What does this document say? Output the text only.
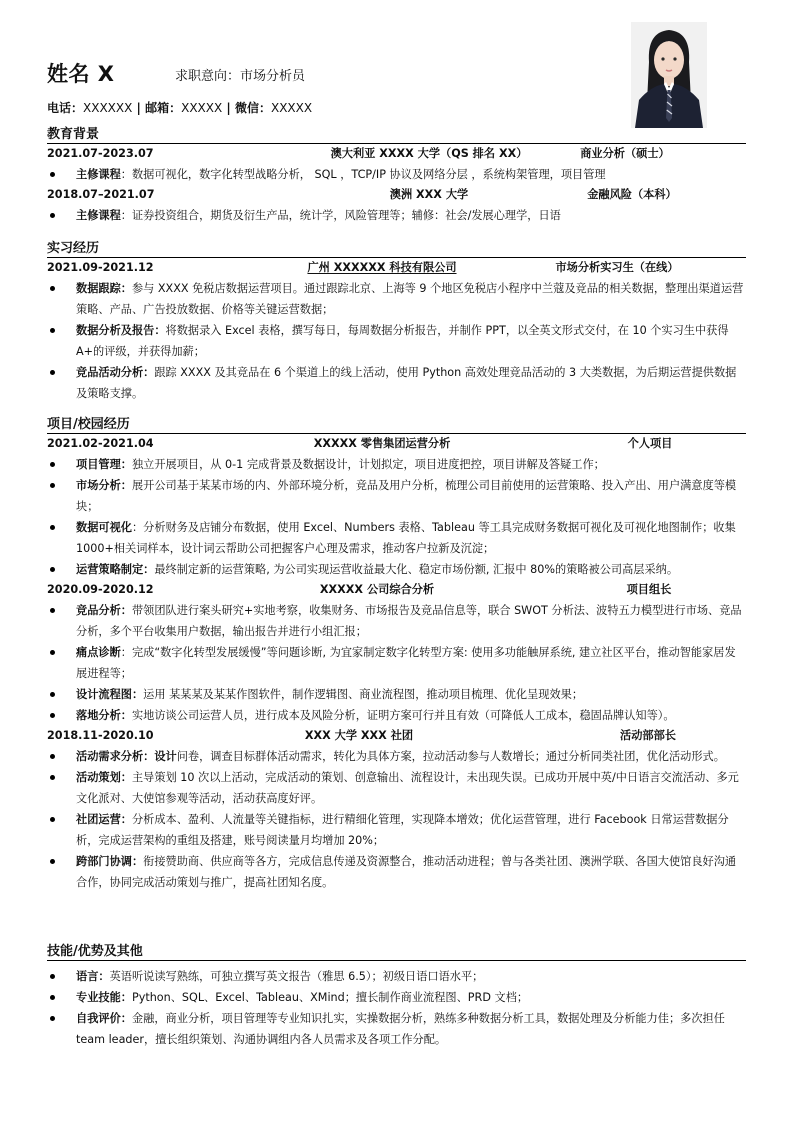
姓名 X	求职意向：市场分析员
电话：XXXXXX | 邮箱：XXXXX | 微信：XXXXX
教育背景
2021.07-2023.07	澳大利亚 XXXX 大学（QS 排名 XX）	商业分析（硕士）
主修课程：数据可视化，数字化转型战略分析， SQL ，TCP/IP 协议及网络分层 ，系统构架管理，项目管理
2018.07–2021.07	澳洲 XXX 大学	金融风险（本科）
主修课程：证券投资组合，期货及衍生产品，统计学，风险管理等；辅修：社会/发展心理学，日语
实习经历
2021.09-2021.12	广州 XXXXXX 科技有限公司	市场分析实习生（在线）
数据跟踪：参与 XXXX 免税店数据运营项目。通过跟踪北京、上海等 9 个地区免税店小程序中兰蔻及竞品的相关数据，整理出渠道运营策略、产品、广告投放数据、价格等关键运营数据；
数据分析及报告：将数据录入 Excel 表格，撰写每日，每周数据分析报告，并制作 PPT，以全英文形式交付，在 10 个实习生中获得 A+的评级，并获得加薪；
竞品活动分析：跟踪 XXXX 及其竞品在 6 个渠道上的线上活动，使用 Python 高效处理竞品活动的 3 大类数据，为后期运营提供数据及策略支撑。
项目/校园经历
2021.02-2021.04	XXXXX 零售集团运营分析	个人项目
项目管理：独立开展项目，从 0-1 完成背景及数据设计，计划拟定，项目进度把控，项目讲解及答疑工作；
市场分析：展开公司基于某某市场的内、外部环境分析，竞品及用户分析，梳理公司目前使用的运营策略、投入产出、用户满意度等模块；
数据可视化：分析财务及店铺分布数据，使用 Excel、Numbers 表格、Tableau 等工具完成财务数据可视化及可视化地图制作；收集 1000+相关词样本，设计词云帮助公司把握客户心理及需求，推动客户拉新及沉淀；
运营策略制定：最终制定新的运营策略, 为公司实现运营收益最大化、稳定市场份额, 汇报中 80%的策略被公司高层采纳。
2020.09-2020.12	XXXXX 公司综合分析	项目组长
竞品分析：带领团队进行案头研究+实地考察，收集财务、市场报告及竞品信息等，联合 SWOT 分析法、波特五力模型进行市场、竞品分析，多个平台收集用户数据，输出报告并进行小组汇报；
痛点诊断：完成“数字化转型发展缓慢”等问题诊断, 为宜家制定数字化转型方案: 使用多功能触屏系统, 建立社区平台，推动智能家居发展进程等；
设计流程图：运用 某某某及某某作图软件，制作逻辑图、商业流程图，推动项目梳理、优化呈现效果；
落地分析：实地访谈公司运营人员，进行成本及风险分析，证明方案可行并且有效（可降低人工成本，稳固品牌认知等）。
2018.11-2020.10	XXX 大学 XXX 社团	活动部部长
活动需求分析：设计问卷，调查目标群体活动需求，转化为具体方案，拉动活动参与人数增长；通过分析同类社团，优化活动形式。
活动策划：主导策划 10 次以上活动，完成活动的策划、创意输出、流程设计，未出现失误。已成功开展中英/中日语言交流活动、多元文化派对、大使馆参观等活动，活动获高度好评。
社团运营：分析成本、盈利、人流量等关键指标，进行精细化管理，实现降本增效；优化运营管理，进行 Facebook 日常运营数据分析，完成运营架构的重组及搭建，账号阅读量月均增加 20%；
跨部门协调：衔接赞助商、供应商等各方，完成信息传递及资源整合，推动活动进程；曾与各类社团、澳洲学联、各国大使馆良好沟通合作，协同完成活动策划与推广，提高社团知名度。
技能/优势及其他
语言：英语听说读写熟练，可独立撰写英文报告（雅思 6.5）；初级日语口语水平；
专业技能：Python、SQL、Excel、Tableau、XMind；擅长制作商业流程图、PRD 文档；
自我评价：金融，商业分析，项目管理等专业知识扎实，实操数据分析，熟练多种数据分析工具，数据处理及分析能力佳；多次担任 team leader，擅长组织策划、沟通协调组内各人员需求及各项工作分配。
